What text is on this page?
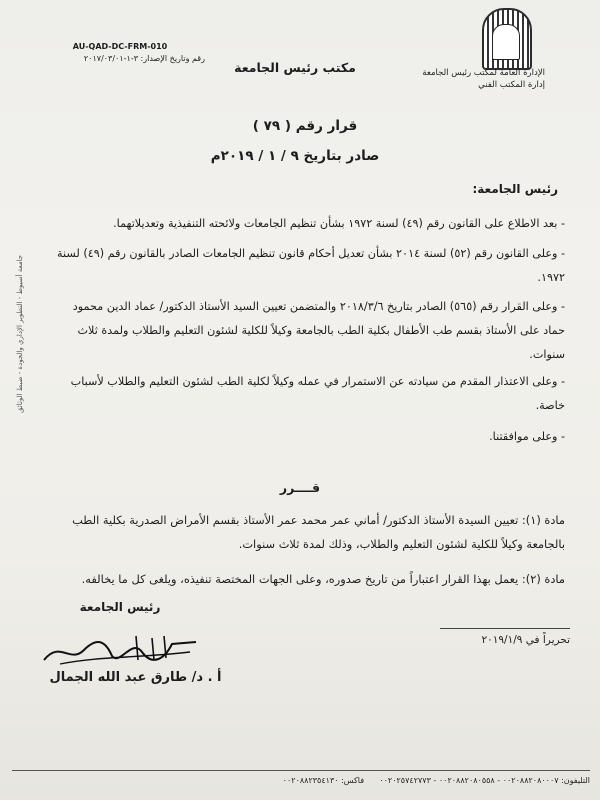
الإدارة العامة لمكتب رئيس الجامعة
إدارة المكتب الفني
مكتب رئيس الجامعة
AU-QAD-DC-FRM-010
رقم وتاريخ الإصدار: ٣-١-٢٠١٧/٠٣/٠١
قرار رقم ( ٧٩ )
صادر بتاريخ ٩ / ١ / ٢٠١٩م
رئيس الجامعة:
- بعد الاطلاع على القانون رقم (٤٩) لسنة ١٩٧٢ بشأن تنظيم الجامعات ولائحته التنفيذية وتعديلاتهما.
- وعلى القانون رقم (٥٢) لسنة ٢٠١٤ بشأن تعديل أحكام قانون تنظيم الجامعات الصادر بالقانون رقم (٤٩) لسنة ١٩٧٢.
- وعلى القرار رقم (٥٦٥) الصادر بتاريخ ٢٠١٨/٣/٦ والمتضمن تعيين السيد الأستاذ الدكتور/ عماد الدين محمود حماد على الأستاذ بقسم طب الأطفال بكلية الطب بالجامعة وكيلاً للكلية لشئون التعليم والطلاب ولمدة ثلاث سنوات.
- وعلى الاعتذار المقدم من سيادته عن الاستمرار في عمله وكيلاً لكلية الطب لشئون التعليم والطلاب لأسباب خاصة.
- وعلى موافقتنا.
جامعة أسيوط - التطوير الإداري والجودة - ضبط الوثائق
قــــرر
مادة (١): تعيين السيدة الأستاذ الدكتور/ أماني عمر محمد عمر الأستاذ بقسم الأمراض الصدرية بكلية الطب بالجامعة وكيلاً للكلية لشئون التعليم والطلاب، وذلك لمدة ثلاث سنوات.
مادة (٢): يعمل بهذا القرار اعتباراً من تاريخ صدوره، وعلى الجهات المختصة تنفيذه، ويلغى كل ما يخالفه.
رئيس الجامعة
أ . د/ طارق عبد الله الجمال
تحريراً في ٢٠١٩/١/٩
التليفون: ٠٠٢٠٨٨٢٠٨٠٠٠٧ - ٠٠٢٠٨٨٢٠٨٠٥٥٨ - ٠٠٢٠٢٥٧٤٢٧٧٣      فاكس: ٠٠٢٠٨٨٢٣٥٤١٣٠
